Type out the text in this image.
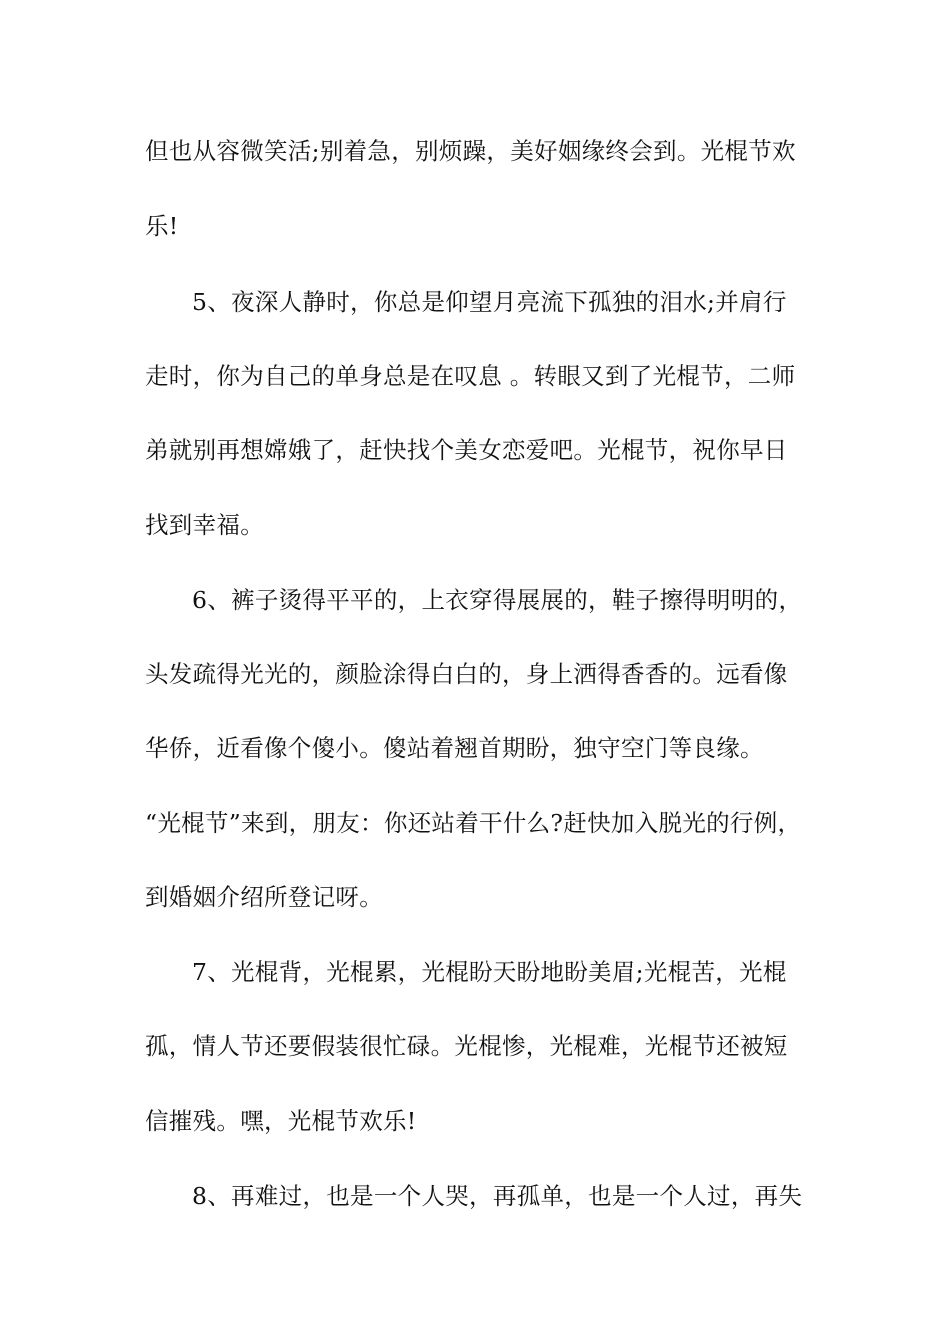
但也从容微笑活;别着急，别烦躁，美好姻缘终会到。光棍节欢
乐!
5、夜深人静时，你总是仰望月亮流下孤独的泪水;并肩行
走时，你为自己的单身总是在叹息 。转眼又到了光棍节，二师
弟就别再想嫦娥了，赶快找个美女恋爱吧。光棍节，祝你早日
找到幸福。
6、裤子烫得平平的，上衣穿得展展的，鞋子擦得明明的，
头发疏得光光的，颜脸涂得白白的，身上洒得香香的。远看像
华侨，近看像个傻小。傻站着翘首期盼，独守空门等良缘。
“光棍节”来到，朋友：你还站着干什么?赶快加入脱光的行例，
到婚姻介绍所登记呀。
7、光棍背，光棍累，光棍盼天盼地盼美眉;光棍苦，光棍
孤，情人节还要假装很忙碌。光棍惨，光棍难，光棍节还被短
信摧残。嘿，光棍节欢乐!
8、再难过，也是一个人哭，再孤单，也是一个人过，再失
